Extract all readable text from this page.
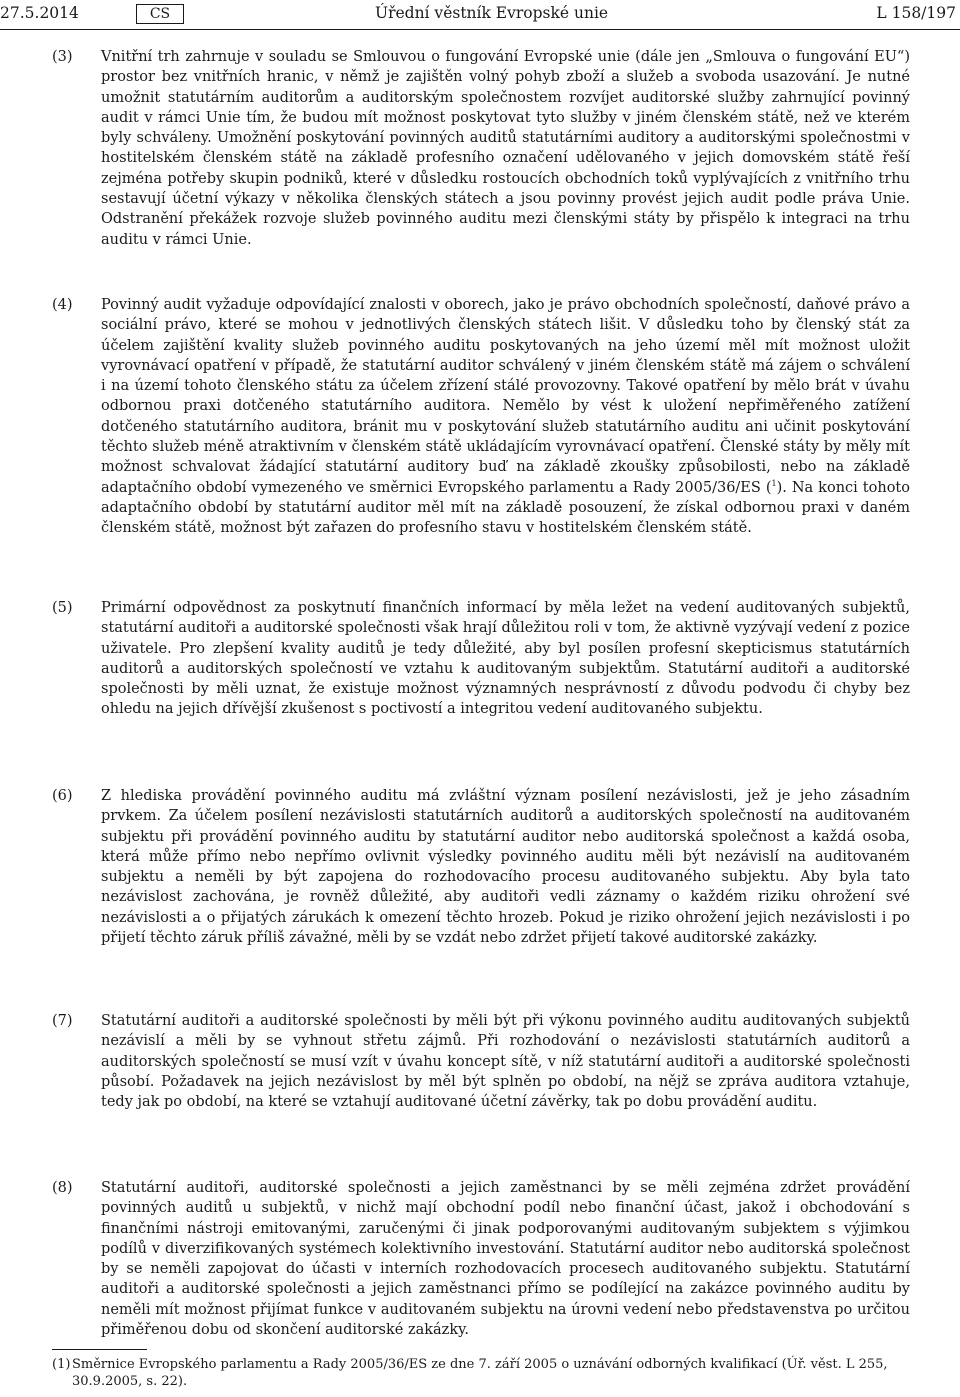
27.5.2014	CS	Úřední věstník Evropské unie	L 158/197
(3) Vnitřní trh zahrnuje v souladu se Smlouvou o fungování Evropské unie (dále jen „Smlouva o fungování EU“) prostor bez vnitřních hranic, v němž je zajištěn volný pohyb zboží a služeb a svoboda usazování. Je nutné umožnit statutárním auditorům a auditorským společnostem rozvíjet auditorské služby zahrnující povinný audit v rámci Unie tím, že budou mít možnost poskytovat tyto služby v jiném členském státě, než ve kterém byly schváleny. Umožnění poskytování povinných auditů statutárními auditory a auditorskými společnostmi v hostitelském členském státě na základě profesního označení udělovaného v jejich domovském státě řeší zejména potřeby skupin podniků, které v důsledku rostoucích obchodních toků vyplývajících z vnitřního trhu sestavují účetní výkazy v několika členských státech a jsou povinny provést jejich audit podle práva Unie. Odstranění překážek rozvoje služeb povinného auditu mezi členskými státy by přispělo k integraci na trhu auditu v rámci Unie.

(4) Povinný audit vyžaduje odpovídající znalosti v oborech, jako je právo obchodních společností, daňové právo a sociální právo, které se mohou v jednotlivých členských státech lišit. V důsledku toho by členský stát za účelem zajištění kvality služeb povinného auditu poskytovaných na jeho území měl mít možnost uložit vyrovnávací opatření v případě, že statutární auditor schválený v jiném členském státě má zájem o schválení i na území tohoto členského státu za účelem zřízení stálé provozovny. Takové opatření by mělo brát v úvahu odbornou praxi dotčeného statutárního auditora. Nemělo by vést k uložení nepřiměřeného zatížení dotčeného statutárního auditora, bránit mu v poskytování služeb statutárního auditu ani učinit poskytování těchto služeb méně atraktivním v členském státě ukládajícím vyrovnávací opatření. Členské státy by měly mít možnost schvalovat žádající statutární auditory buď na základě zkoušky způsobilosti, nebo na základě adaptačního období vymezeného ve směrnici Evropského parlamentu a Rady 2005/36/ES ($^1$). Na konci tohoto adaptačního období by statutární auditor měl mít na základě posouzení, že získal odbornou praxi v daném členském státě, možnost být zařazen do profesního stavu v hostitelském členském státě.

(5) Primární odpovědnost za poskytnutí finančních informací by měla ležet na vedení auditovaných subjektů, statutární auditoři a auditorské společnosti však hrají důležitou roli v tom, že aktivně vyzývají vedení z pozice uživatele. Pro zlepšení kvality auditů je tedy důležité, aby byl posílen profesní skepticismus statutárních auditorů a auditorských společností ve vztahu k auditovaným subjektům. Statutární auditoři a auditorské společnosti by měli uznat, že existuje možnost významných nesprávností z důvodu podvodu či chyby bez ohledu na jejich dřívější zkušenost s poctivostí a integritou vedení auditovaného subjektu.

(6) Z hlediska provádění povinného auditu má zvláštní význam posílení nezávislosti, jež je jeho zásadním prvkem. Za účelem posílení nezávislosti statutárních auditorů a auditorských společností na auditovaném subjektu při provádění povinného auditu by statutární auditor nebo auditorská společnost a každá osoba, která může přímo nebo nepřímo ovlivnit výsledky povinného auditu měli být nezávislí na auditovaném subjektu a neměli by být zapojena do rozhodovacího procesu auditovaného subjektu. Aby byla tato nezávislost zachována, je rovněž důležité, aby auditoři vedli záznamy o každém riziku ohrožení své nezávislosti a o přijatých zárukách k omezení těchto hrozeb. Pokud je riziko ohrožení jejich nezávislosti i po přijetí těchto záruk příliš závažné, měli by se vzdát nebo zdržet přijetí takové auditorské zakázky.

(7) Statutární auditoři a auditorské společnosti by měli být při výkonu povinného auditu auditovaných subjektů nezávislí a měli by se vyhnout střetu zájmů. Při rozhodování o nezávislosti statutárních auditorů a auditorských společností se musí vzít v úvahu koncept sítě, v níž statutární auditoři a auditorské společnosti působí. Požadavek na jejich nezávislost by měl být splněn po období, na nějž se zpráva auditora vztahuje, tedy jak po období, na které se vztahují auditované účetní závěrky, tak po dobu provádění auditu.

(8) Statutární auditoři, auditorské společnosti a jejich zaměstnanci by se měli zejména zdržet provádění povinných auditů u subjektů, v nichž mají obchodní podíl nebo finanční účast, jakož i obchodování s finančními nástroji emitovanými, zaručenými či jinak podporovanými auditovaným subjektem s výjimkou podílů v diverzifikovaných systémech kolektivního investování. Statutární auditor nebo auditorská společnost by se neměli zapojovat do účasti v interních rozhodovacích procesech auditovaného subjektu. Statutární auditoři a auditorské společnosti a jejich zaměstnanci přímo se podílející na zakázce povinného auditu by neměli mít možnost přijímat funkce v auditovaném subjektu na úrovni vedení nebo představenstva po určitou přiměřenou dobu od skončení auditorské zakázky.

(1) Směrnice Evropského parlamentu a Rady 2005/36/ES ze dne 7. září 2005 o uznávání odborných kvalifikací (Úř. věst. L 255, 30.9.2005, s. 22).
